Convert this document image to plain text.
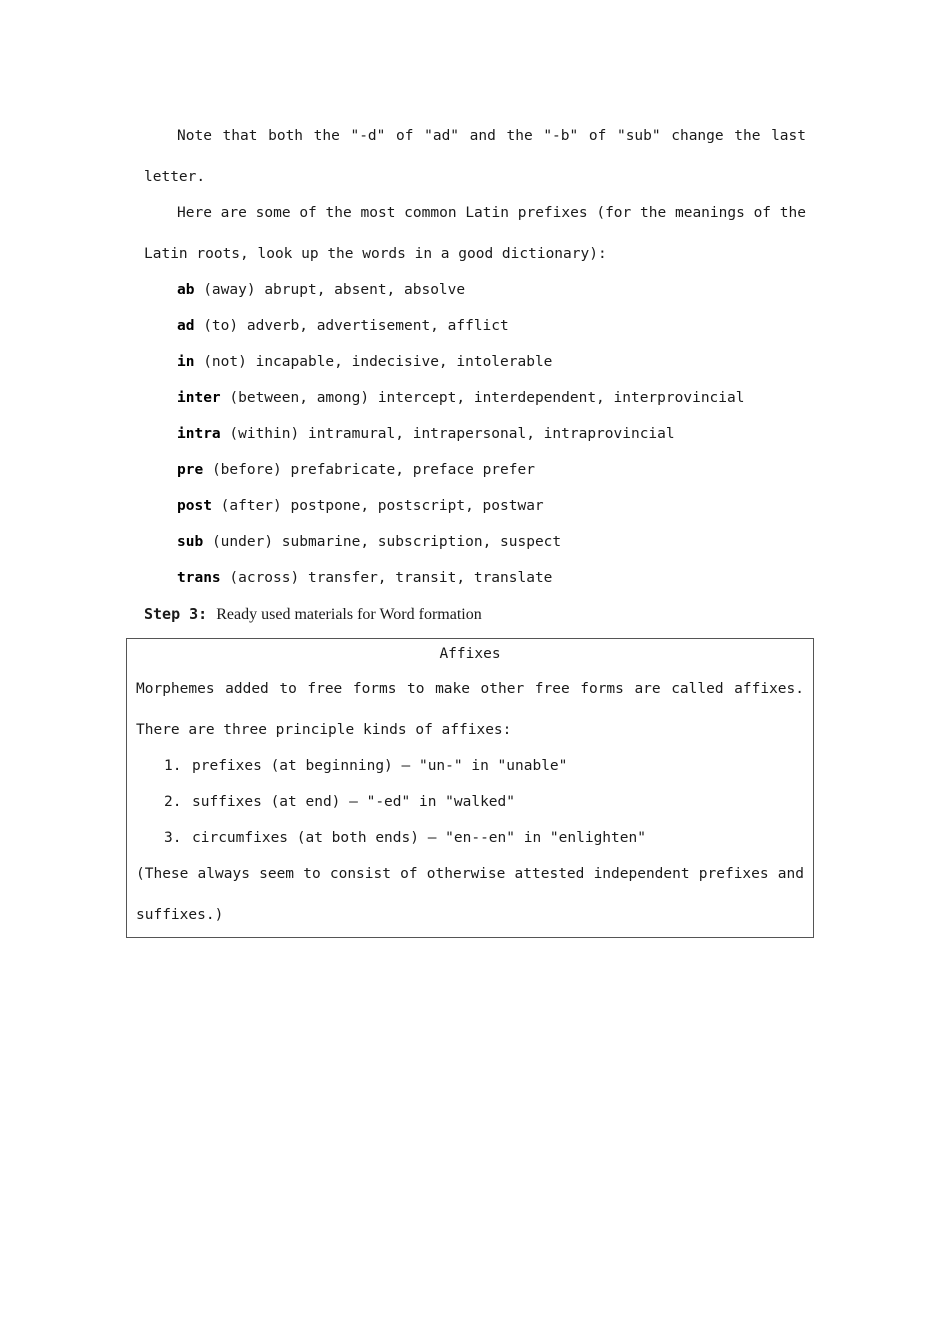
Note that both the "-d" of "ad" and the "-b" of "sub" change the last
letter.
Here are some of the most common Latin prefixes (for the meanings of the
Latin roots, look up the words in a good dictionary):
ab (away) abrupt, absent, absolve
ad (to) adverb, advertisement, afflict
in (not) incapable, indecisive, intolerable
inter (between, among) intercept, interdependent, interprovincial
intra (within) intramural, intrapersonal, intraprovincial
pre (before) prefabricate, preface prefer
post (after) postpone, postscript, postwar
sub (under) submarine, subscription, suspect
trans (across) transfer, transit, translate
Step 3: Ready used materials for Word formation
Affixes
Morphemes added to free forms to make other free forms are called affixes.
There are three principle kinds of affixes:
1. prefixes (at beginning) — "un-" in "unable"
2. suffixes (at end) — "-ed" in "walked"
3. circumfixes (at both ends) — "en--en" in "enlighten"
(These always seem to consist of otherwise attested independent prefixes and
suffixes.)
